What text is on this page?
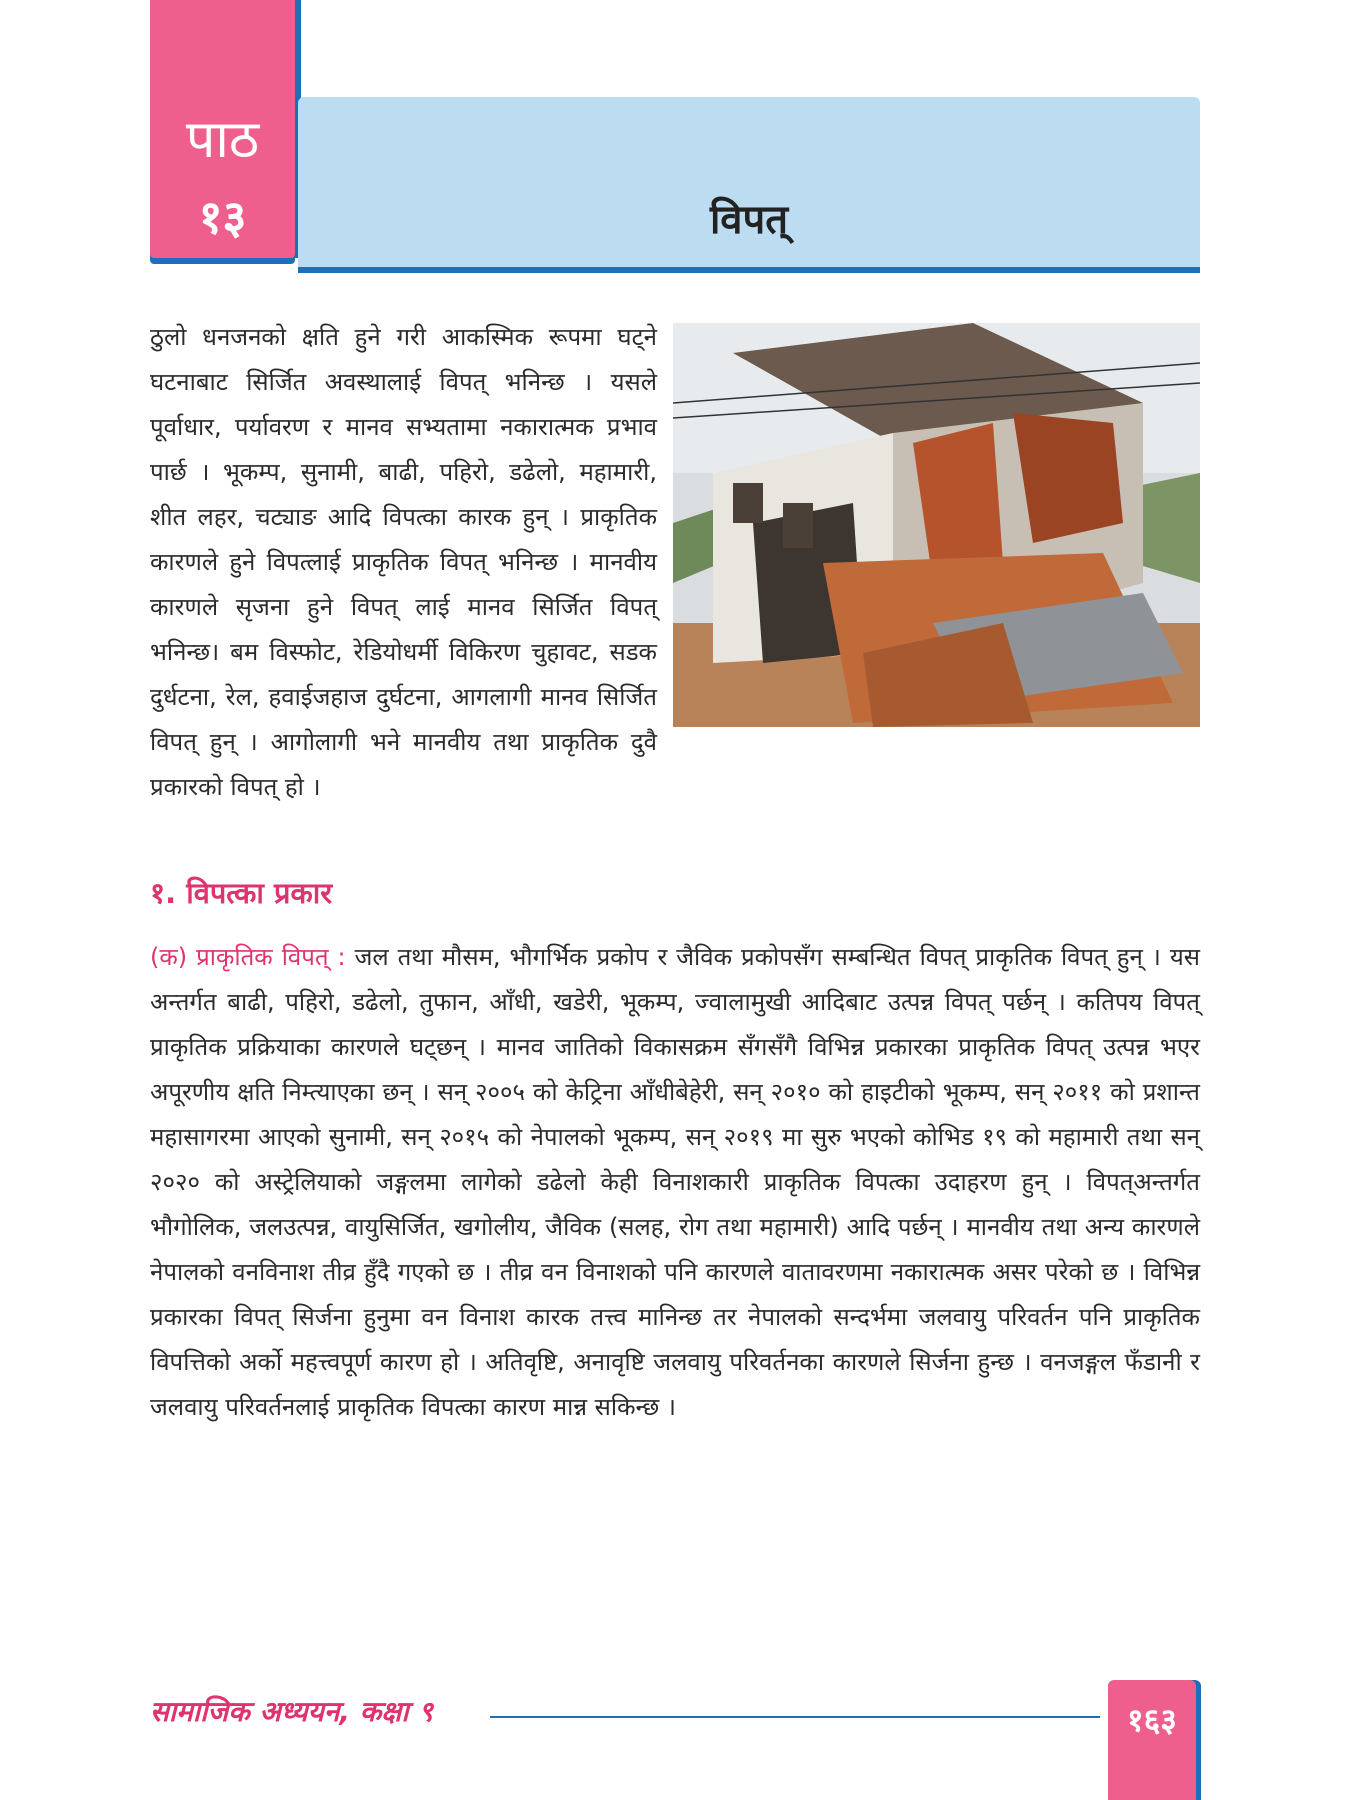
पाठ
१३	विपत्
ठुलो धनजनको क्षति हुने गरी आकस्मिक रूपमा घट्ने घटनाबाट सिर्जित अवस्थालाई विपत् भनिन्छ । यसले पूर्वाधार, पर्यावरण र मानव सभ्यतामा नकारात्मक प्रभाव पार्छ । भूकम्प, सुनामी, बाढी, पहिरो, डढेलो, महामारी, शीत लहर, चट्याङ आदि विपत्का कारक हुन् । प्राकृतिक कारणले हुने विपत्लाई प्राकृतिक विपत् भनिन्छ । मानवीय कारणले सृजना हुने विपत् लाई मानव सिर्जित विपत् भनिन्छ। बम विस्फोट, रेडियोधर्मी विकिरण चुहावट, सडक दुर्धटना, रेल, हवाईजहाज दुर्घटना, आगलागी मानव सिर्जित विपत् हुन् । आगोलागी भने मानवीय तथा प्राकृतिक दुवै प्रकारको विपत् हो ।
१. विपत्का प्रकार

(क) प्राकृतिक विपत् : जल तथा मौसम, भौगर्भिक प्रकोप र जैविक प्रकोपसँग सम्बन्धित विपत् प्राकृतिक विपत् हुन् । यस अन्तर्गत बाढी, पहिरो, डढेलो, तुफान, आँधी, खडेरी, भूकम्प, ज्वालामुखी आदिबाट उत्पन्न विपत् पर्छन् । कतिपय विपत् प्राकृतिक प्रक्रियाका कारणले घट्छन् । मानव जातिको विकासक्रम सँगसँगै विभिन्न प्रकारका प्राकृतिक विपत् उत्पन्न भएर अपूरणीय क्षति निम्त्याएका छन् । सन् २००५ को केट्रिना आँधीबेहेरी, सन् २०१० को हाइटीको भूकम्प, सन् २०११ को प्रशान्त महासागरमा आएको सुनामी, सन् २०१५ को नेपालको भूकम्प, सन् २०१९ मा सुरु भएको कोभिड १९ को महामारी तथा सन् २०२० को अस्ट्रेलियाको जङ्गलमा लागेको डढेलो केही विनाशकारी प्राकृतिक विपत्का उदाहरण हुन् । विपत्अन्तर्गत भौगोलिक, जलउत्पन्न, वायुसिर्जित, खगोलीय, जैविक (सलह, रोग तथा महामारी) आदि पर्छन् । मानवीय तथा अन्य कारणले नेपालको वनविनाश तीव्र हुँदै गएको छ । तीव्र वन विनाशको पनि कारणले वातावरणमा नकारात्मक असर परेको छ । विभिन्न प्रकारका विपत् सिर्जना हुनुमा वन विनाश कारक तत्त्व मानिन्छ तर नेपालको सन्दर्भमा जलवायु परिवर्तन पनि प्राकृतिक विपत्तिको अर्को महत्त्वपूर्ण कारण हो । अतिवृष्टि, अनावृष्टि जलवायु परिवर्तनका कारणले सिर्जना हुन्छ । वनजङ्गल फँडानी र जलवायु परिवर्तनलाई प्राकृतिक विपत्का कारण मान्न सकिन्छ ।

सामाजिक अध्ययन, कक्षा ९	१६३
